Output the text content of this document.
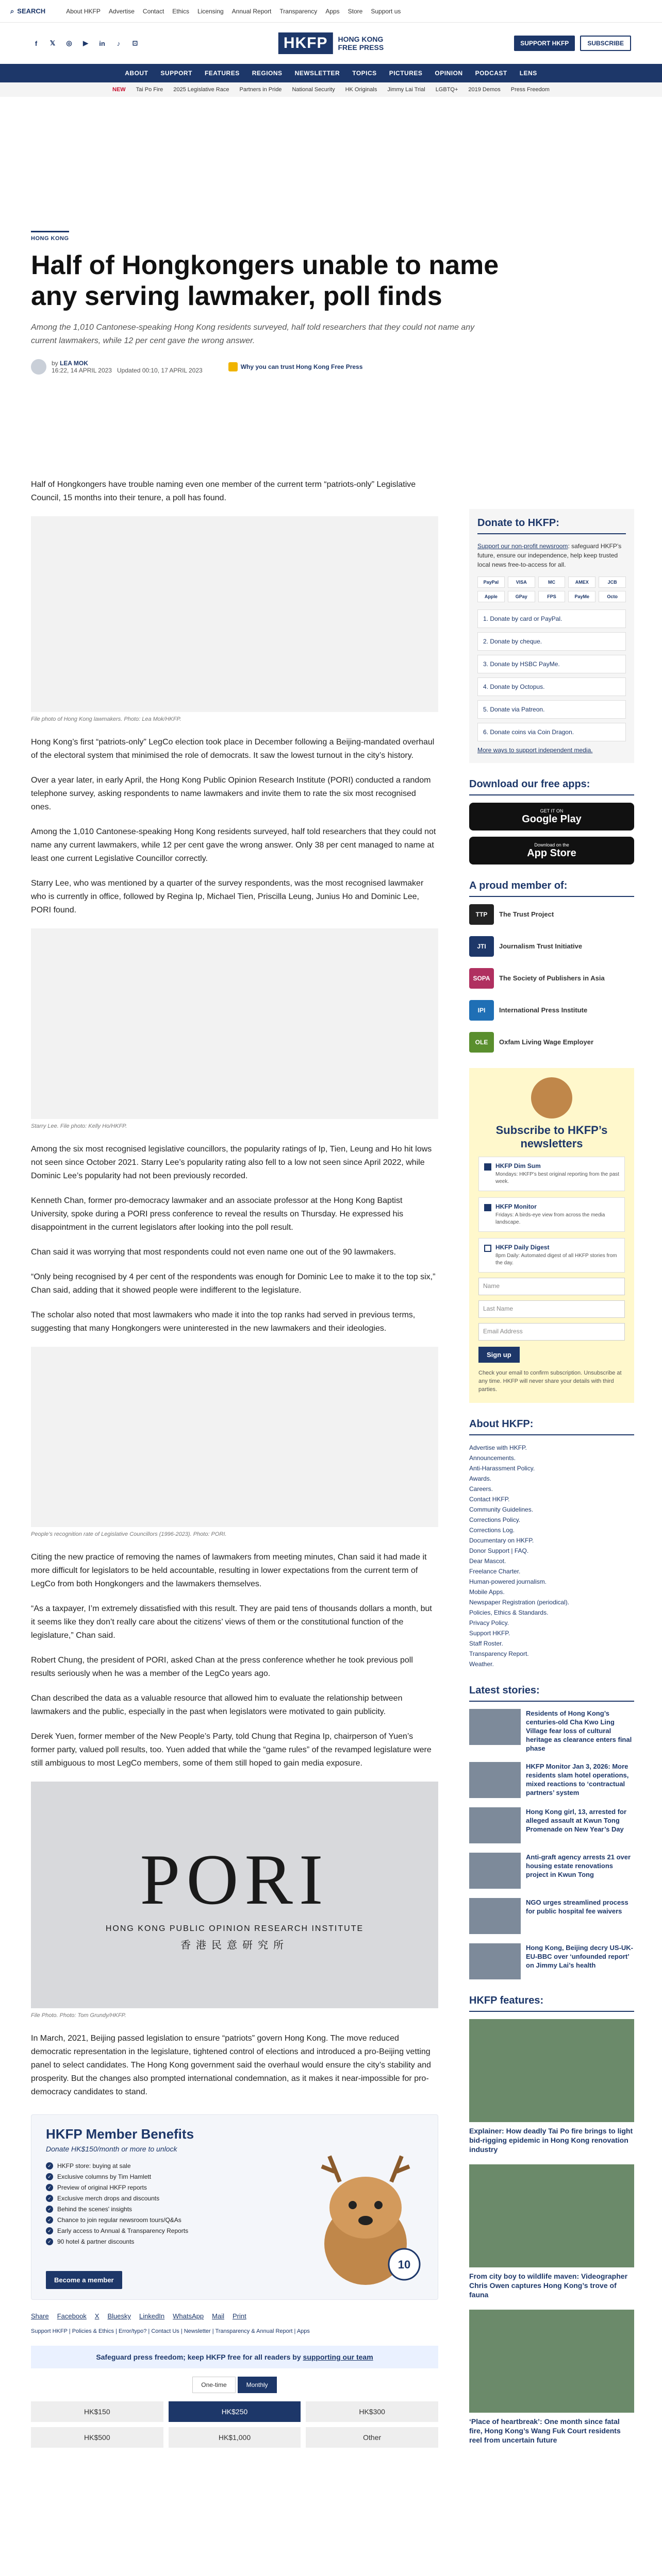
⌕ SEARCH	About HKFP Advertise Contact Ethics Licensing Annual Report Transparency Apps Store Support us
f	𝕏	◎	▶	in	♪	⊡	HKFP	HONG KONG
FREE PRESS	SUPPORT HKFP	SUBSCRIBE
ABOUT SUPPORT FEATURES REGIONS NEWSLETTER TOPICS PICTURES OPINION PODCAST LENS
NEW Tai Po Fire 2025 Legislative Race Partners in Pride National Security HK Originals Jimmy Lai Trial LGBTQ+ 2019 Demos Press Freedom
HONG KONG
Half of Hongkongers unable to name any serving lawmaker, poll finds
Among the 1,010 Cantonese-speaking Hong Kong residents surveyed, half told researchers that they could not name any current lawmakers, while 12 per cent gave the wrong answer.
by LEA MOK
16:22, 14 APRIL 2023 Updated 00:10, 17 APRIL 2023	Why you can trust Hong Kong Free Press

Half of Hongkongers have trouble naming even one member of the current term “patriots-only” Legislative Council, 15 months into their tenure, a poll has found.

File photo of Hong Kong lawmakers. Photo: Lea Mok/HKFP.

Hong Kong’s first “patriots-only” LegCo election took place in December following a Beijing-mandated overhaul of the electoral system that minimised the role of democrats. It saw the lowest turnout in the city’s history.

Over a year later, in early April, the Hong Kong Public Opinion Research Institute (PORI) conducted a random telephone survey, asking respondents to name lawmakers and invite them to rate the six most recognised ones.

Among the 1,010 Cantonese-speaking Hong Kong residents surveyed, half told researchers that they could not name any current lawmakers, while 12 per cent gave the wrong answer. Only 38 per cent managed to name at least one current Legislative Councillor correctly.

Starry Lee, who was mentioned by a quarter of the survey respondents, was the most recognised lawmaker who is currently in office, followed by Regina Ip, Michael Tien, Priscilla Leung, Junius Ho and Dominic Lee, PORI found.

Starry Lee. File photo: Kelly Ho/HKFP.

Among the six most recognised legislative councillors, the popularity ratings of Ip, Tien, Leung and Ho hit lows not seen since October 2021. Starry Lee’s popularity rating also fell to a low not seen since April 2022, while Dominic Lee’s popularity had not been previously recorded.

Kenneth Chan, former pro-democracy lawmaker and an associate professor at the Hong Kong Baptist University, spoke during a PORI press conference to reveal the results on Thursday. He expressed his disappointment in the current legislators after looking into the poll result.

Chan said it was worrying that most respondents could not even name one out of the 90 lawmakers.

“Only being recognised by 4 per cent of the respondents was enough for Dominic Lee to make it to the top six,” Chan said, adding that it showed people were indifferent to the legislature.

The scholar also noted that most lawmakers who made it into the top ranks had served in previous terms, suggesting that many Hongkongers were uninterested in the new lawmakers and their ideologies.

People’s recognition rate of Legislative Councillors (1996-2023). Photo: PORI.

Citing the new practice of removing the names of lawmakers from meeting minutes, Chan said it had made it more difficult for legislators to be held accountable, resulting in lower expectations from the current term of LegCo from both Hongkongers and the lawmakers themselves.

“As a taxpayer, I’m extremely dissatisfied with this result. They are paid tens of thousands dollars a month, but it seems like they don’t really care about the citizens’ views of them or the constitutional function of the legislature,” Chan said.

Robert Chung, the president of PORI, asked Chan at the press conference whether he took previous poll results seriously when he was a member of the LegCo years ago.

Chan described the data as a valuable resource that allowed him to evaluate the relationship between lawmakers and the public, especially in the past when legislators were motivated to gain publicity.

Derek Yuen, former member of the New People’s Party, told Chung that Regina Ip, chairperson of Yuen’s former party, valued poll results, too. Yuen added that while the “game rules” of the revamped legislature were still ambiguous to most LegCo members, some of them still hoped to gain media exposure.

PORI
HONG KONG PUBLIC OPINION RESEARCH INSTITUTE
香港民意研究所
File Photo. Photo: Tom Grundy/HKFP.

In March, 2021, Beijing passed legislation to ensure “patriots” govern Hong Kong. The move reduced democratic representation in the legislature, tightened control of elections and introduced a pro-Beijing vetting panel to select candidates. The Hong Kong government said the overhaul would ensure the city’s stability and prosperity. But the changes also prompted international condemnation, as it makes it near-impossible for pro-democracy candidates to stand.

HKFP Member Benefits
Donate HK$150/month or more to unlock
✓ HKFP store: buying at sale
✓ Exclusive columns by Tim Hamlett
✓ Preview of original HKFP reports
✓ Exclusive merch drops and discounts
✓ Behind the scenes' insights
✓ Chance to join regular newsroom tours/Q&As
✓ Early access to Annual & Transparency Reports
✓ 90 hotel & partner discounts
10
Become a member
Share Facebook X Bluesky LinkedIn WhatsApp Mail Print
Support HKFP | Policies & Ethics | Error/typo? | Contact Us | Newsletter | Transparency & Annual Report | Apps
Safeguard press freedom; keep HKFP free for all readers by supporting our team
One-time	Monthly
HK$150	HK$250	HK$300
HK$500	HK$1,000	Other
Donate to HKFP:
Support our non-profit newsroom: safeguard HKFP’s future, ensure our independence, help keep trusted local news free-to-access for all.
PayPal	VISA	MC	AMEX	JCB
Apple	GPay	FPS	PayMe	Octo
1. Donate by card or PayPal.
2. Donate by cheque.
3. Donate by HSBC PayMe.
4. Donate by Octopus.
5. Donate via Patreon.
6. Donate coins via Coin Dragon.
More ways to support independent media.
Download our free apps:
GET IT ON
Google Play
Download on the
App Store
A proud member of:
TTP	The Trust Project
JTI	Journalism Trust Initiative
SOPA	The Society of Publishers in Asia
IPI	International Press Institute
OLE	Oxfam Living Wage Employer
Subscribe to HKFP’s newsletters
HKFP Dim Sum
Mondays: HKFP’s best original reporting from the past week.
HKFP Monitor
Fridays: A birds-eye view from across the media landscape.
HKFP Daily Digest
8pm Daily: Automated digest of all HKFP stories from the day.
Name
Last Name
Email Address
Sign up
Check your email to confirm subscription. Unsubscribe at any time. HKFP will never share your details with third parties.
About HKFP:
Advertise with HKFP.
Announcements.
Anti-Harassment Policy.
Awards.
Careers.
Contact HKFP.
Community Guidelines.
Corrections Policy.
Corrections Log.
Documentary on HKFP.
Donor Support | FAQ.
Dear Mascot.
Freelance Charter.
Human-powered journalism.
Mobile Apps.
Newspaper Registration (periodical).
Policies, Ethics & Standards.
Privacy Policy.
Support HKFP.
Staff Roster.
Transparency Report.
Weather.
Latest stories:
Residents of Hong Kong’s centuries-old Cha Kwo Ling Village fear loss of cultural heritage as clearance enters final phase
HKFP Monitor Jan 3, 2026: More residents slam hotel operations, mixed reactions to ‘contractual partners’ system
Hong Kong girl, 13, arrested for alleged assault at Kwun Tong Promenade on New Year’s Day
Anti-graft agency arrests 21 over housing estate renovations project in Kwun Tong
NGO urges streamlined process for public hospital fee waivers
Hong Kong, Beijing decry US-UK-EU-BBC over ‘unfounded report’ on Jimmy Lai’s health
HKFP features:
Explainer: How deadly Tai Po fire brings to light bid-rigging epidemic in Hong Kong renovation industry
From city boy to wildlife maven: Videographer Chris Owen captures Hong Kong’s trove of fauna
‘Place of heartbreak’: One month since fatal fire, Hong Kong’s Wang Fuk Court residents reel from uncertain future
